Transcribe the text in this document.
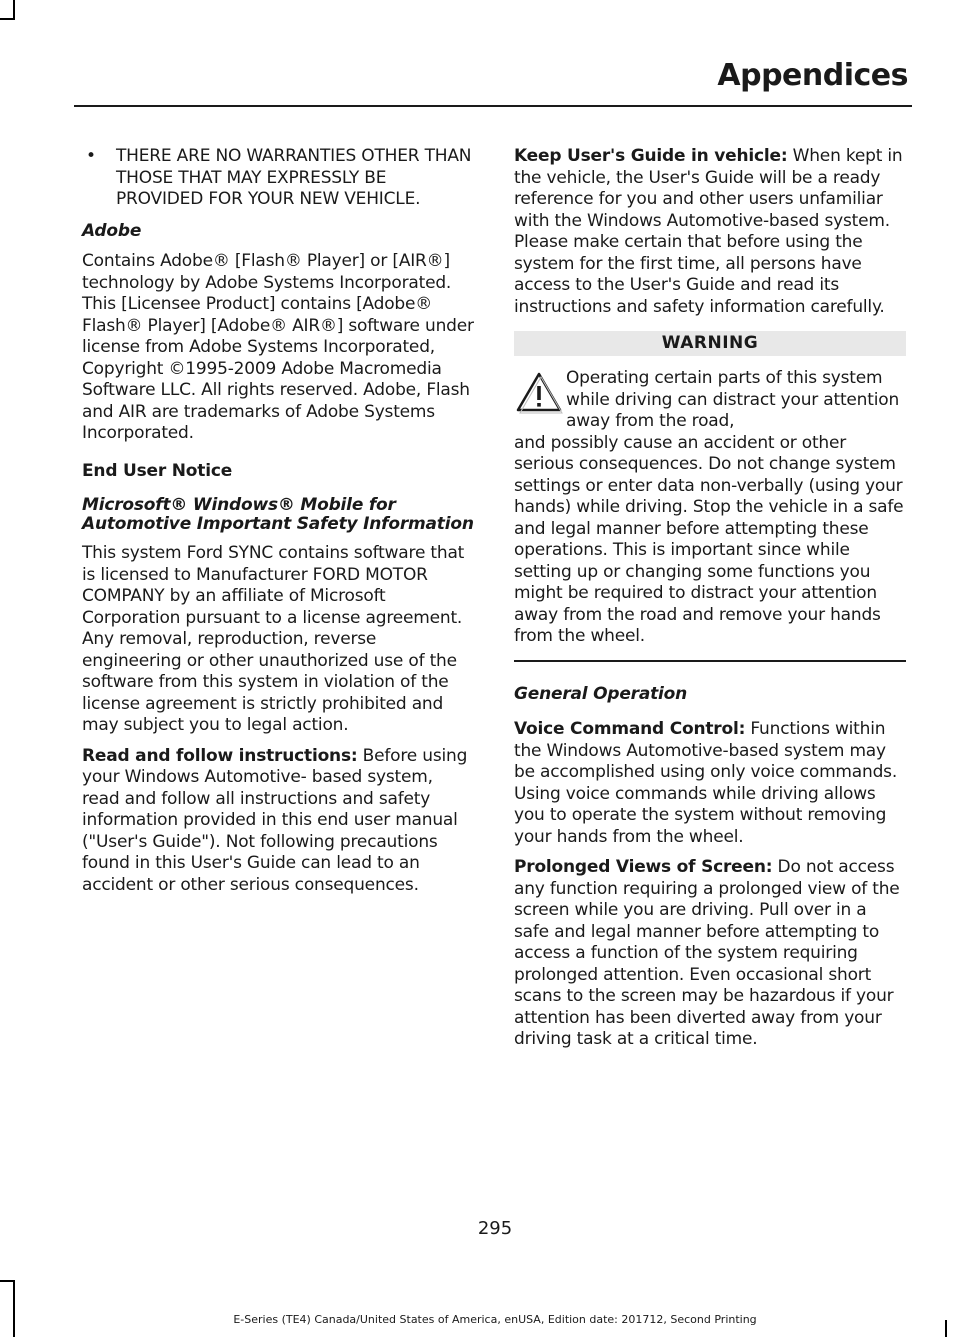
Appendices
•	THERE ARE NO WARRANTIES OTHER THAN THOSE THAT MAY EXPRESSLY BE PROVIDED FOR YOUR NEW VEHICLE.

Adobe

Contains Adobe® [Flash® Player] or [AIR®] technology by Adobe Systems Incorporated. This [Licensee Product] contains [Adobe® Flash® Player] [Adobe® AIR®] software under license from Adobe Systems Incorporated, Copyright ©1995-2009 Adobe Macromedia Software LLC. All rights reserved. Adobe, Flash and AIR are trademarks of Adobe Systems Incorporated.

End User Notice

Microsoft® Windows® Mobile for Automotive Important Safety Information

This system Ford SYNC contains software that is licensed to Manufacturer FORD MOTOR COMPANY by an affiliate of Microsoft Corporation pursuant to a license agreement. Any removal, reproduction, reverse engineering or other unauthorized use of the software from this system in violation of the license agreement is strictly prohibited and may subject you to legal action.

Read and follow instructions: Before using your Windows Automotive- based system, read and follow all instructions and safety information provided in this end user manual ("User's Guide"). Not following precautions found in this User's Guide can lead to an accident or other serious consequences.

Keep User's Guide in vehicle: When kept in the vehicle, the User's Guide will be a ready reference for you and other users unfamiliar with the Windows Automotive-based system. Please make certain that before using the system for the first time, all persons have access to the User's Guide and read its instructions and safety information carefully.

WARNING
Operating certain parts of this system while driving can distract your attention away from the road,
and possibly cause an accident or other serious consequences. Do not change system settings or enter data non-verbally (using your hands) while driving. Stop the vehicle in a safe and legal manner before attempting these operations. This is important since while setting up or changing some functions you might be required to distract your attention away from the road and remove your hands from the wheel.

General Operation

Voice Command Control: Functions within the Windows Automotive-based system may be accomplished using only voice commands. Using voice commands while driving allows you to operate the system without removing your hands from the wheel.

Prolonged Views of Screen: Do not access any function requiring a prolonged view of the screen while you are driving. Pull over in a safe and legal manner before attempting to access a function of the system requiring prolonged attention. Even occasional short scans to the screen may be hazardous if your attention has been diverted away from your driving task at a critical time.

295
E-Series (TE4) Canada/United States of America, enUSA, Edition date: 201712, Second Printing
